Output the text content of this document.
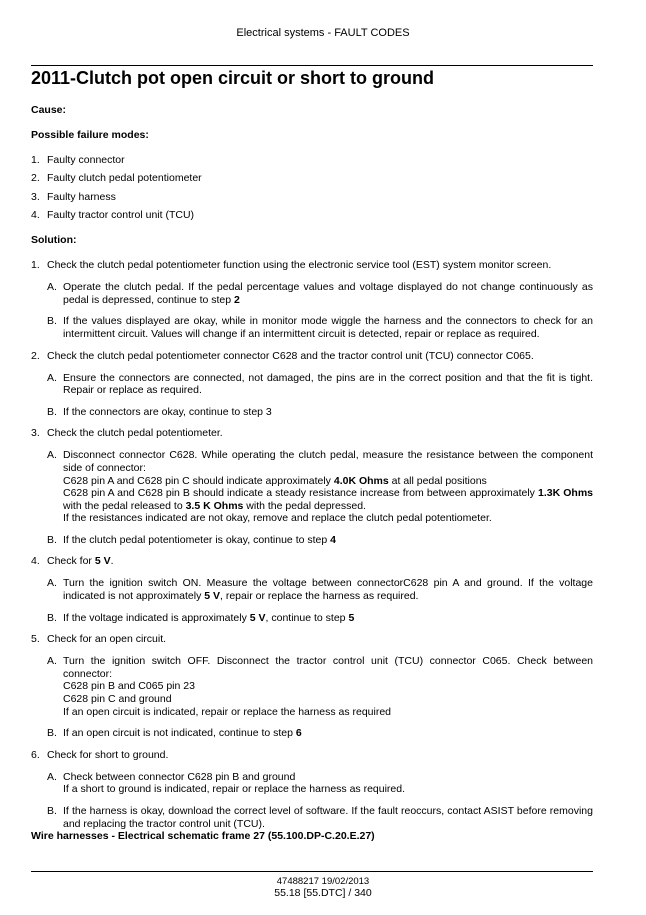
Electrical systems - FAULT CODES
2011-Clutch pot open circuit or short to ground

Cause:

Possible failure modes:

1. Faulty connector
2. Faulty clutch pedal potentiometer
3. Faulty harness
4. Faulty tractor control unit (TCU)

Solution:

1. Check the clutch pedal potentiometer function using the electronic service tool (EST) system monitor screen.
A. Operate the clutch pedal. If the pedal percentage values and voltage displayed do not change continuously as pedal is depressed, continue to step 2
B. If the values displayed are okay, while in monitor mode wiggle the harness and the connectors to check for an intermittent circuit. Values will change if an intermittent circuit is detected, repair or replace as required.
2. Check the clutch pedal potentiometer connector C628 and the tractor control unit (TCU) connector C065.
A. Ensure the connectors are connected, not damaged, the pins are in the correct position and that the fit is tight. Repair or replace as required.
B. If the connectors are okay, continue to step 3
3. Check the clutch pedal potentiometer.
A. Disconnect connector C628. While operating the clutch pedal, measure the resistance between the component side of connector:
C628 pin A and C628 pin C should indicate approximately 4.0K Ohms at all pedal positions
C628 pin A and C628 pin B should indicate a steady resistance increase from between approximately 1.3K Ohms with the pedal released to 3.5 K Ohms with the pedal depressed.
If the resistances indicated are not okay, remove and replace the clutch pedal potentiometer.
B. If the clutch pedal potentiometer is okay, continue to step 4
4. Check for 5 V.
A. Turn the ignition switch ON. Measure the voltage between connectorC628 pin A and ground. If the voltage indicated is not approximately 5 V, repair or replace the harness as required.
B. If the voltage indicated is approximately 5 V, continue to step 5
5. Check for an open circuit.
A. Turn the ignition switch OFF. Disconnect the tractor control unit (TCU) connector C065. Check between connector:
C628 pin B and C065 pin 23
C628 pin C and ground
If an open circuit is indicated, repair or replace the harness as required
B. If an open circuit is not indicated, continue to step 6
6. Check for short to ground.
A. Check between connector C628 pin B and ground
If a short to ground is indicated, repair or replace the harness as required.
B. If the harness is okay, download the correct level of software. If the fault reoccurs, contact ASIST before removing and replacing the tractor control unit (TCU).
Wire harnesses - Electrical schematic frame 27 (55.100.DP-C.20.E.27)
47488217 19/02/2013
55.18 [55.DTC] / 340
